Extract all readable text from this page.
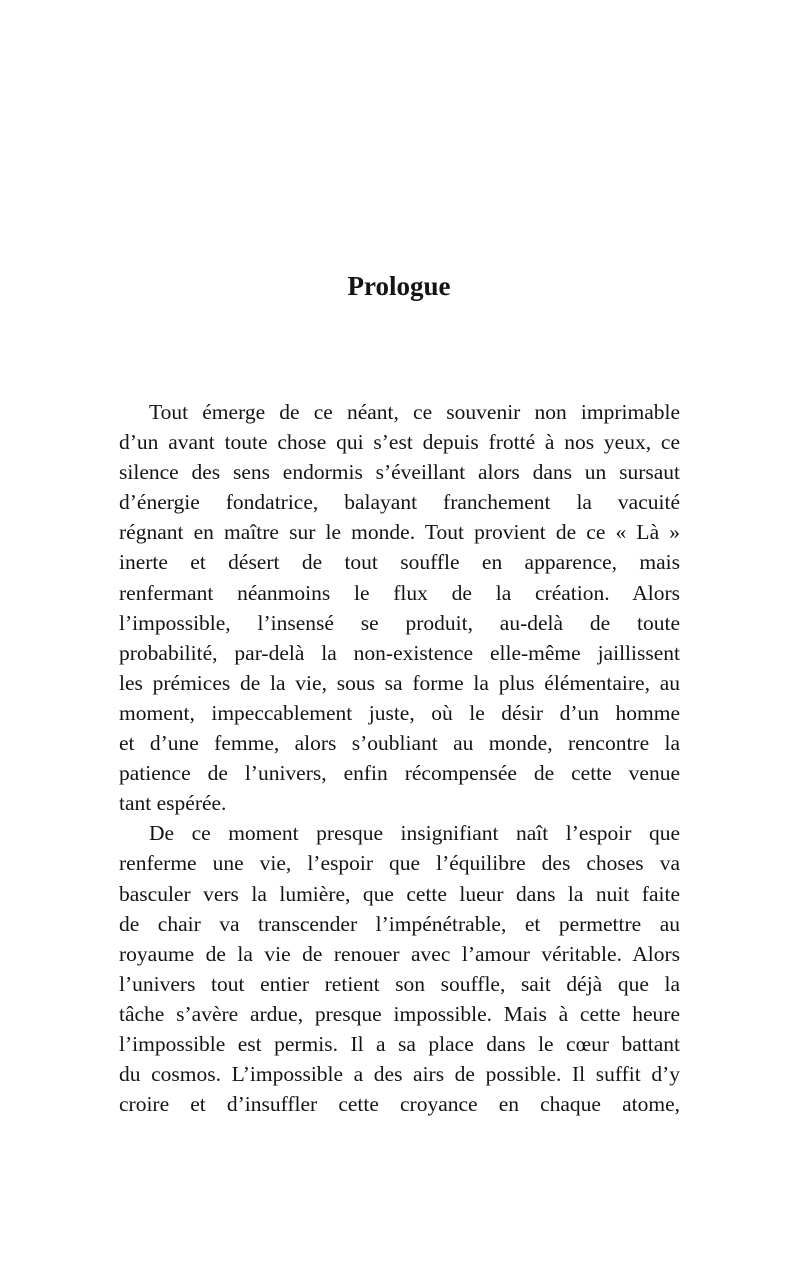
Prologue
Tout émerge de ce néant, ce souvenir non imprimable
d’un avant toute chose qui s’est depuis frotté à nos yeux, ce
silence des sens endormis s’éveillant alors dans un sursaut
d’énergie fondatrice, balayant franchement la vacuité
régnant en maître sur le monde. Tout provient de ce « Là »
inerte et désert de tout souffle en apparence, mais
renfermant néanmoins le flux de la création. Alors
l’impossible, l’insensé se produit, au-delà de toute
probabilité, par-delà la non-existence elle-même jaillissent
les prémices de la vie, sous sa forme la plus élémentaire, au
moment, impeccablement juste, où le désir d’un homme
et d’une femme, alors s’oubliant au monde, rencontre la
patience de l’univers, enfin récompensée de cette venue
tant espérée.
De ce moment presque insignifiant naît l’espoir que
renferme une vie, l’espoir que l’équilibre des choses va
basculer vers la lumière, que cette lueur dans la nuit faite
de chair va transcender l’impénétrable, et permettre au
royaume de la vie de renouer avec l’amour véritable. Alors
l’univers tout entier retient son souffle, sait déjà que la
tâche s’avère ardue, presque impossible. Mais à cette heure
l’impossible est permis. Il a sa place dans le cœur battant
du cosmos. L’impossible a des airs de possible. Il suffit d’y
croire et d’insuffler cette croyance en chaque atome,
